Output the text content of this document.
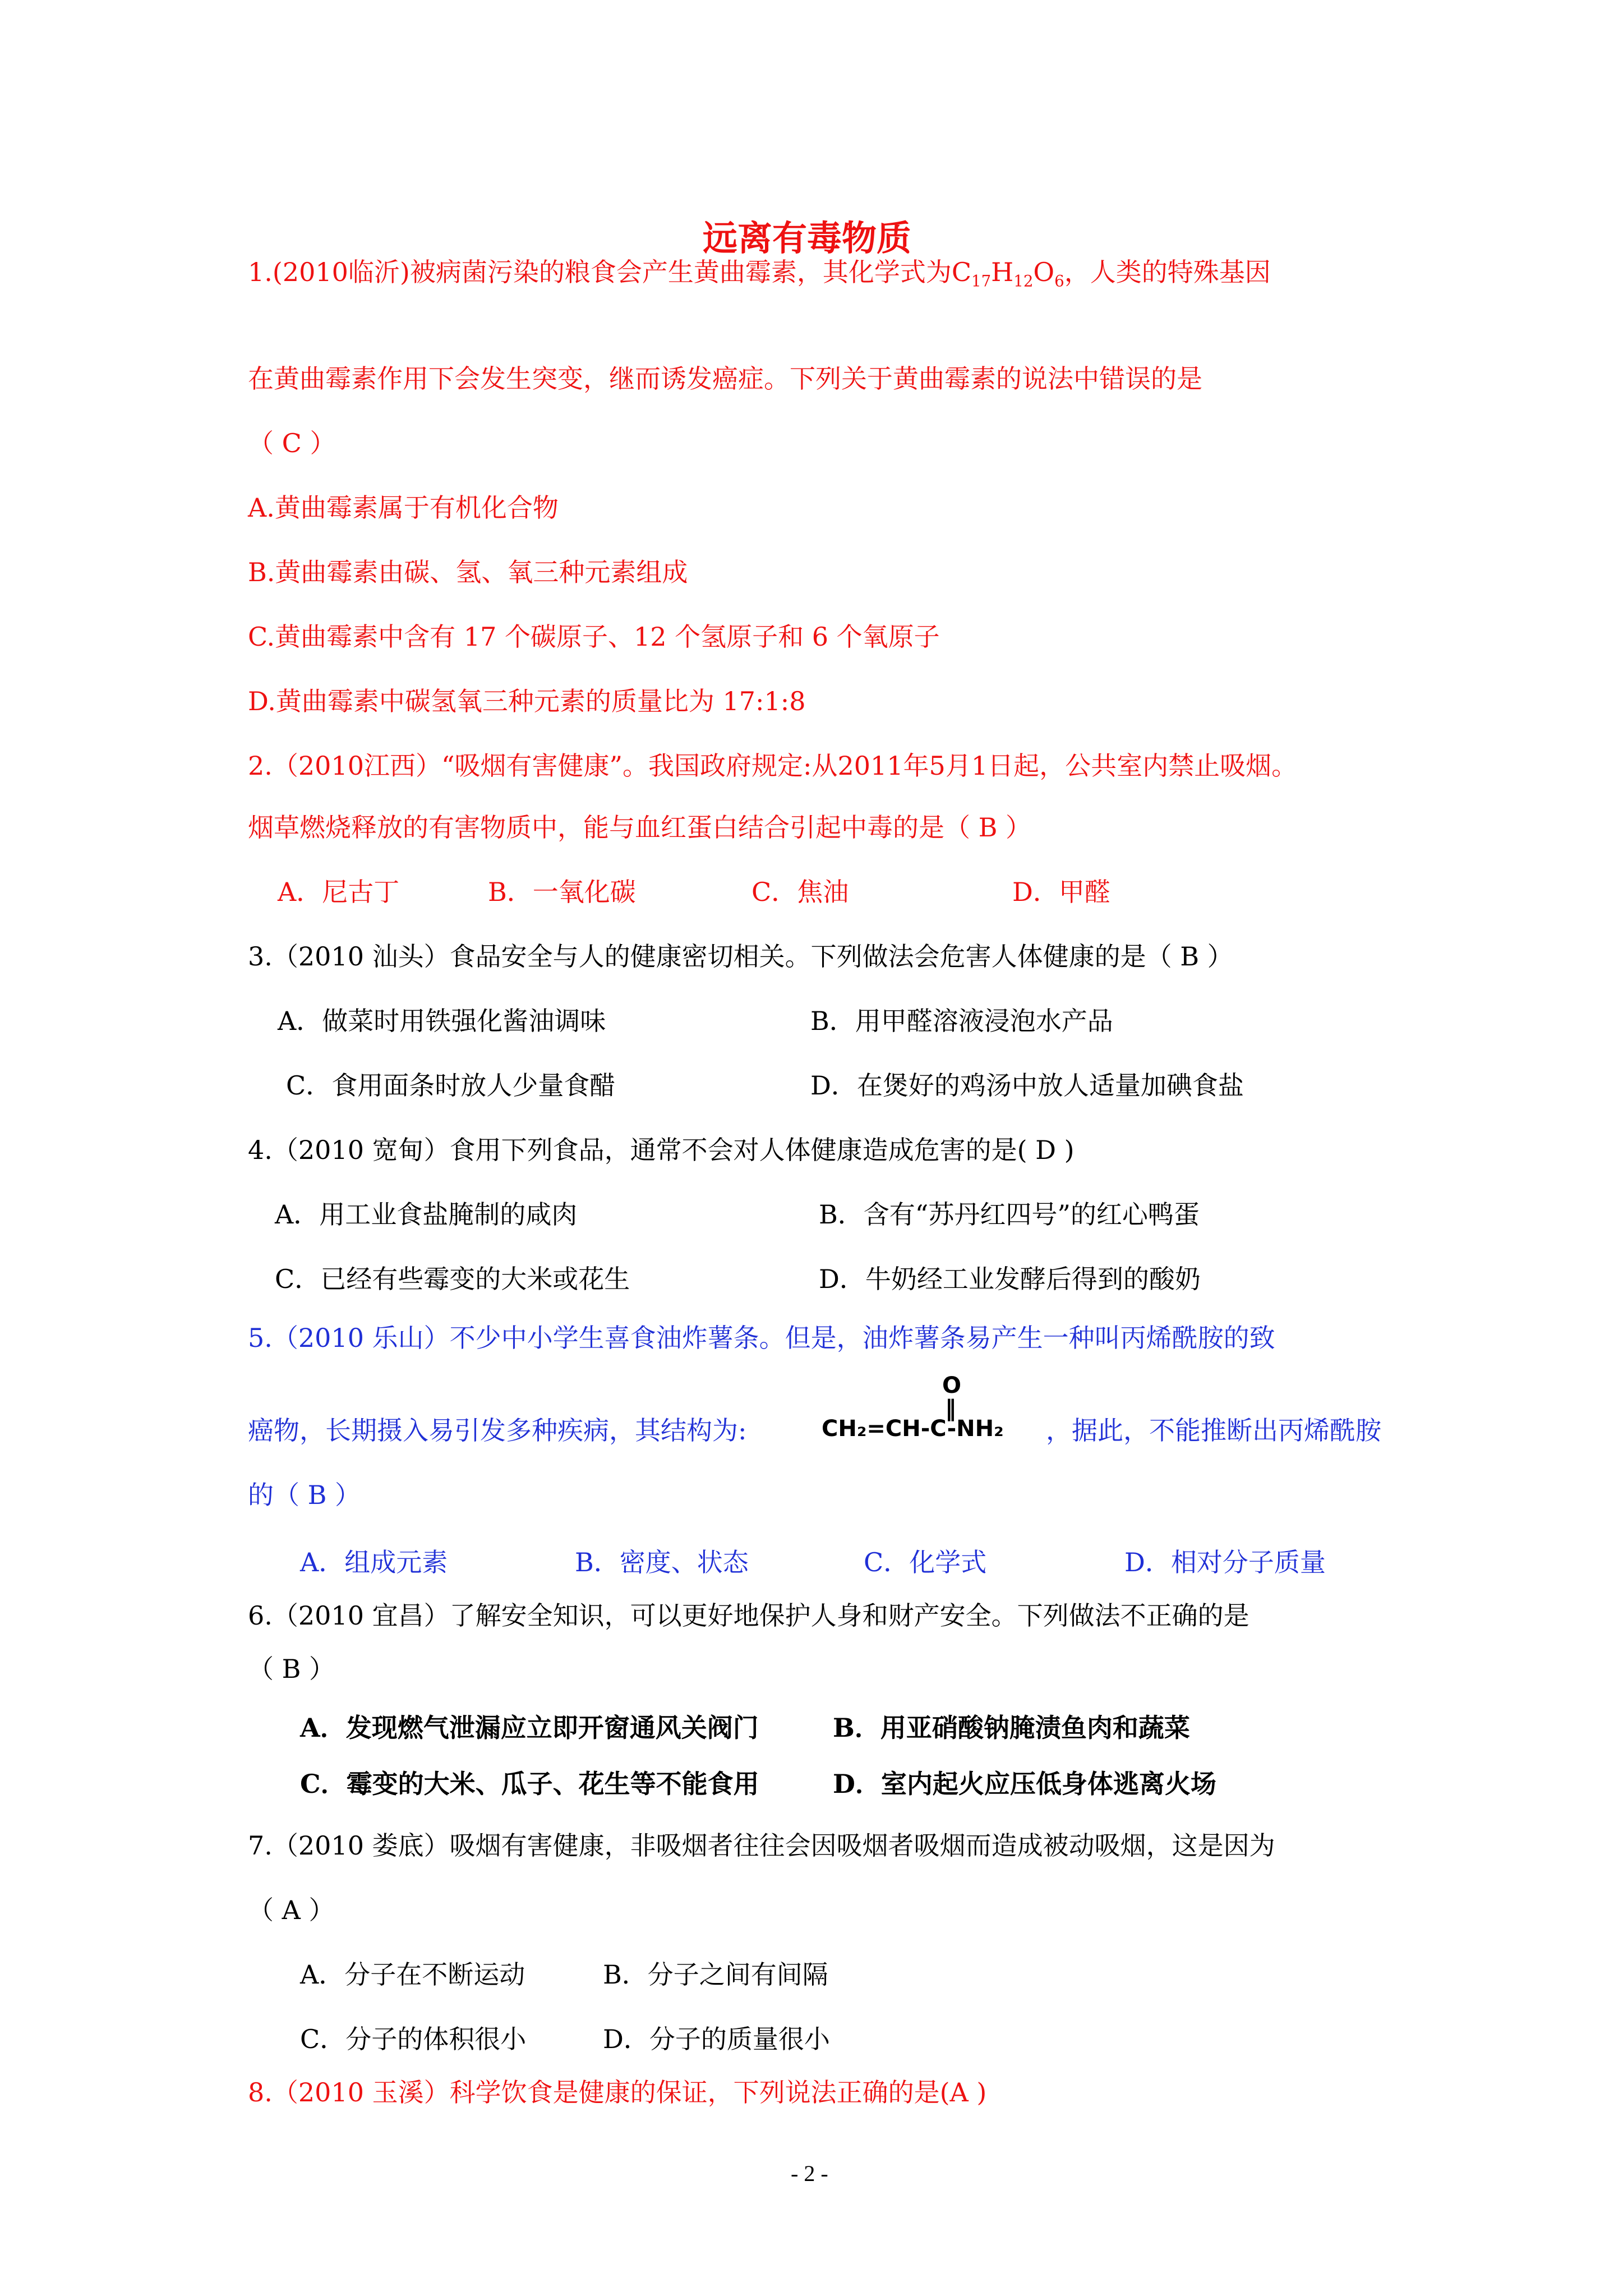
远离有毒物质
1.(2010临沂)被病菌污染的粮食会产生黄曲霉素，其化学式为$C_{17}H_{12}O_6$，人类的特殊基因
在黄曲霉素作用下会发生突变，继而诱发癌症。下列关于黄曲霉素的说法中错误的是
（ C ）
A.黄曲霉素属于有机化合物
B.黄曲霉素由碳、氢、氧三种元素组成
C.黄曲霉素中含有 17 个碳原子、12 个氢原子和 6 个氧原子
D.黄曲霉素中碳氢氧三种元素的质量比为 17:1:8
2.（2010江西）“吸烟有害健康”。我国政府规定:从2011年5月1日起，公共室内禁止吸烟。
烟草燃烧释放的有害物质中，能与血红蛋白结合引起中毒的是（ B ）
A．尼古丁	B．一氧化碳	C．焦油	D．甲醛
3.（2010 汕头）食品安全与人的健康密切相关。下列做法会危害人体健康的是（ B ）
A．做菜时用铁强化酱油调味	B．用甲醛溶液浸泡水产品
C．食用面条时放人少量食醋	D．在煲好的鸡汤中放人适量加碘食盐
4.（2010 宽甸）食用下列食品，通常不会对人体健康造成危害的是( D )
A．用工业食盐腌制的咸肉	B．含有“苏丹红四号”的红心鸭蛋
C．已经有些霉变的大米或花生	D．牛奶经工业发酵后得到的酸奶
5.（2010 乐山）不少中小学生喜食油炸薯条。但是，油炸薯条易产生一种叫丙烯酰胺的致
癌物，长期摄入易引发多种疾病，其结构为:
O
‖
CH₂=CH-C-NH₂ ，据此，不能推断出丙烯酰胺
的（ B ）
A．组成元素	B．密度、状态	C．化学式	D．相对分子质量
6.（2010 宜昌）了解安全知识，可以更好地保护人身和财产安全。下列做法不正确的是
（ B ）
A．发现燃气泄漏应立即开窗通风关阀门	B．用亚硝酸钠腌渍鱼肉和蔬菜
C．霉变的大米、瓜子、花生等不能食用	D．室内起火应压低身体逃离火场
7.（2010 娄底）吸烟有害健康，非吸烟者往往会因吸烟者吸烟而造成被动吸烟，这是因为
（ A ）
A．分子在不断运动	B．分子之间有间隔
C．分子的体积很小	D．分子的质量很小
8.（2010 玉溪）科学饮食是健康的保证，下列说法正确的是(A )
- 2 -
